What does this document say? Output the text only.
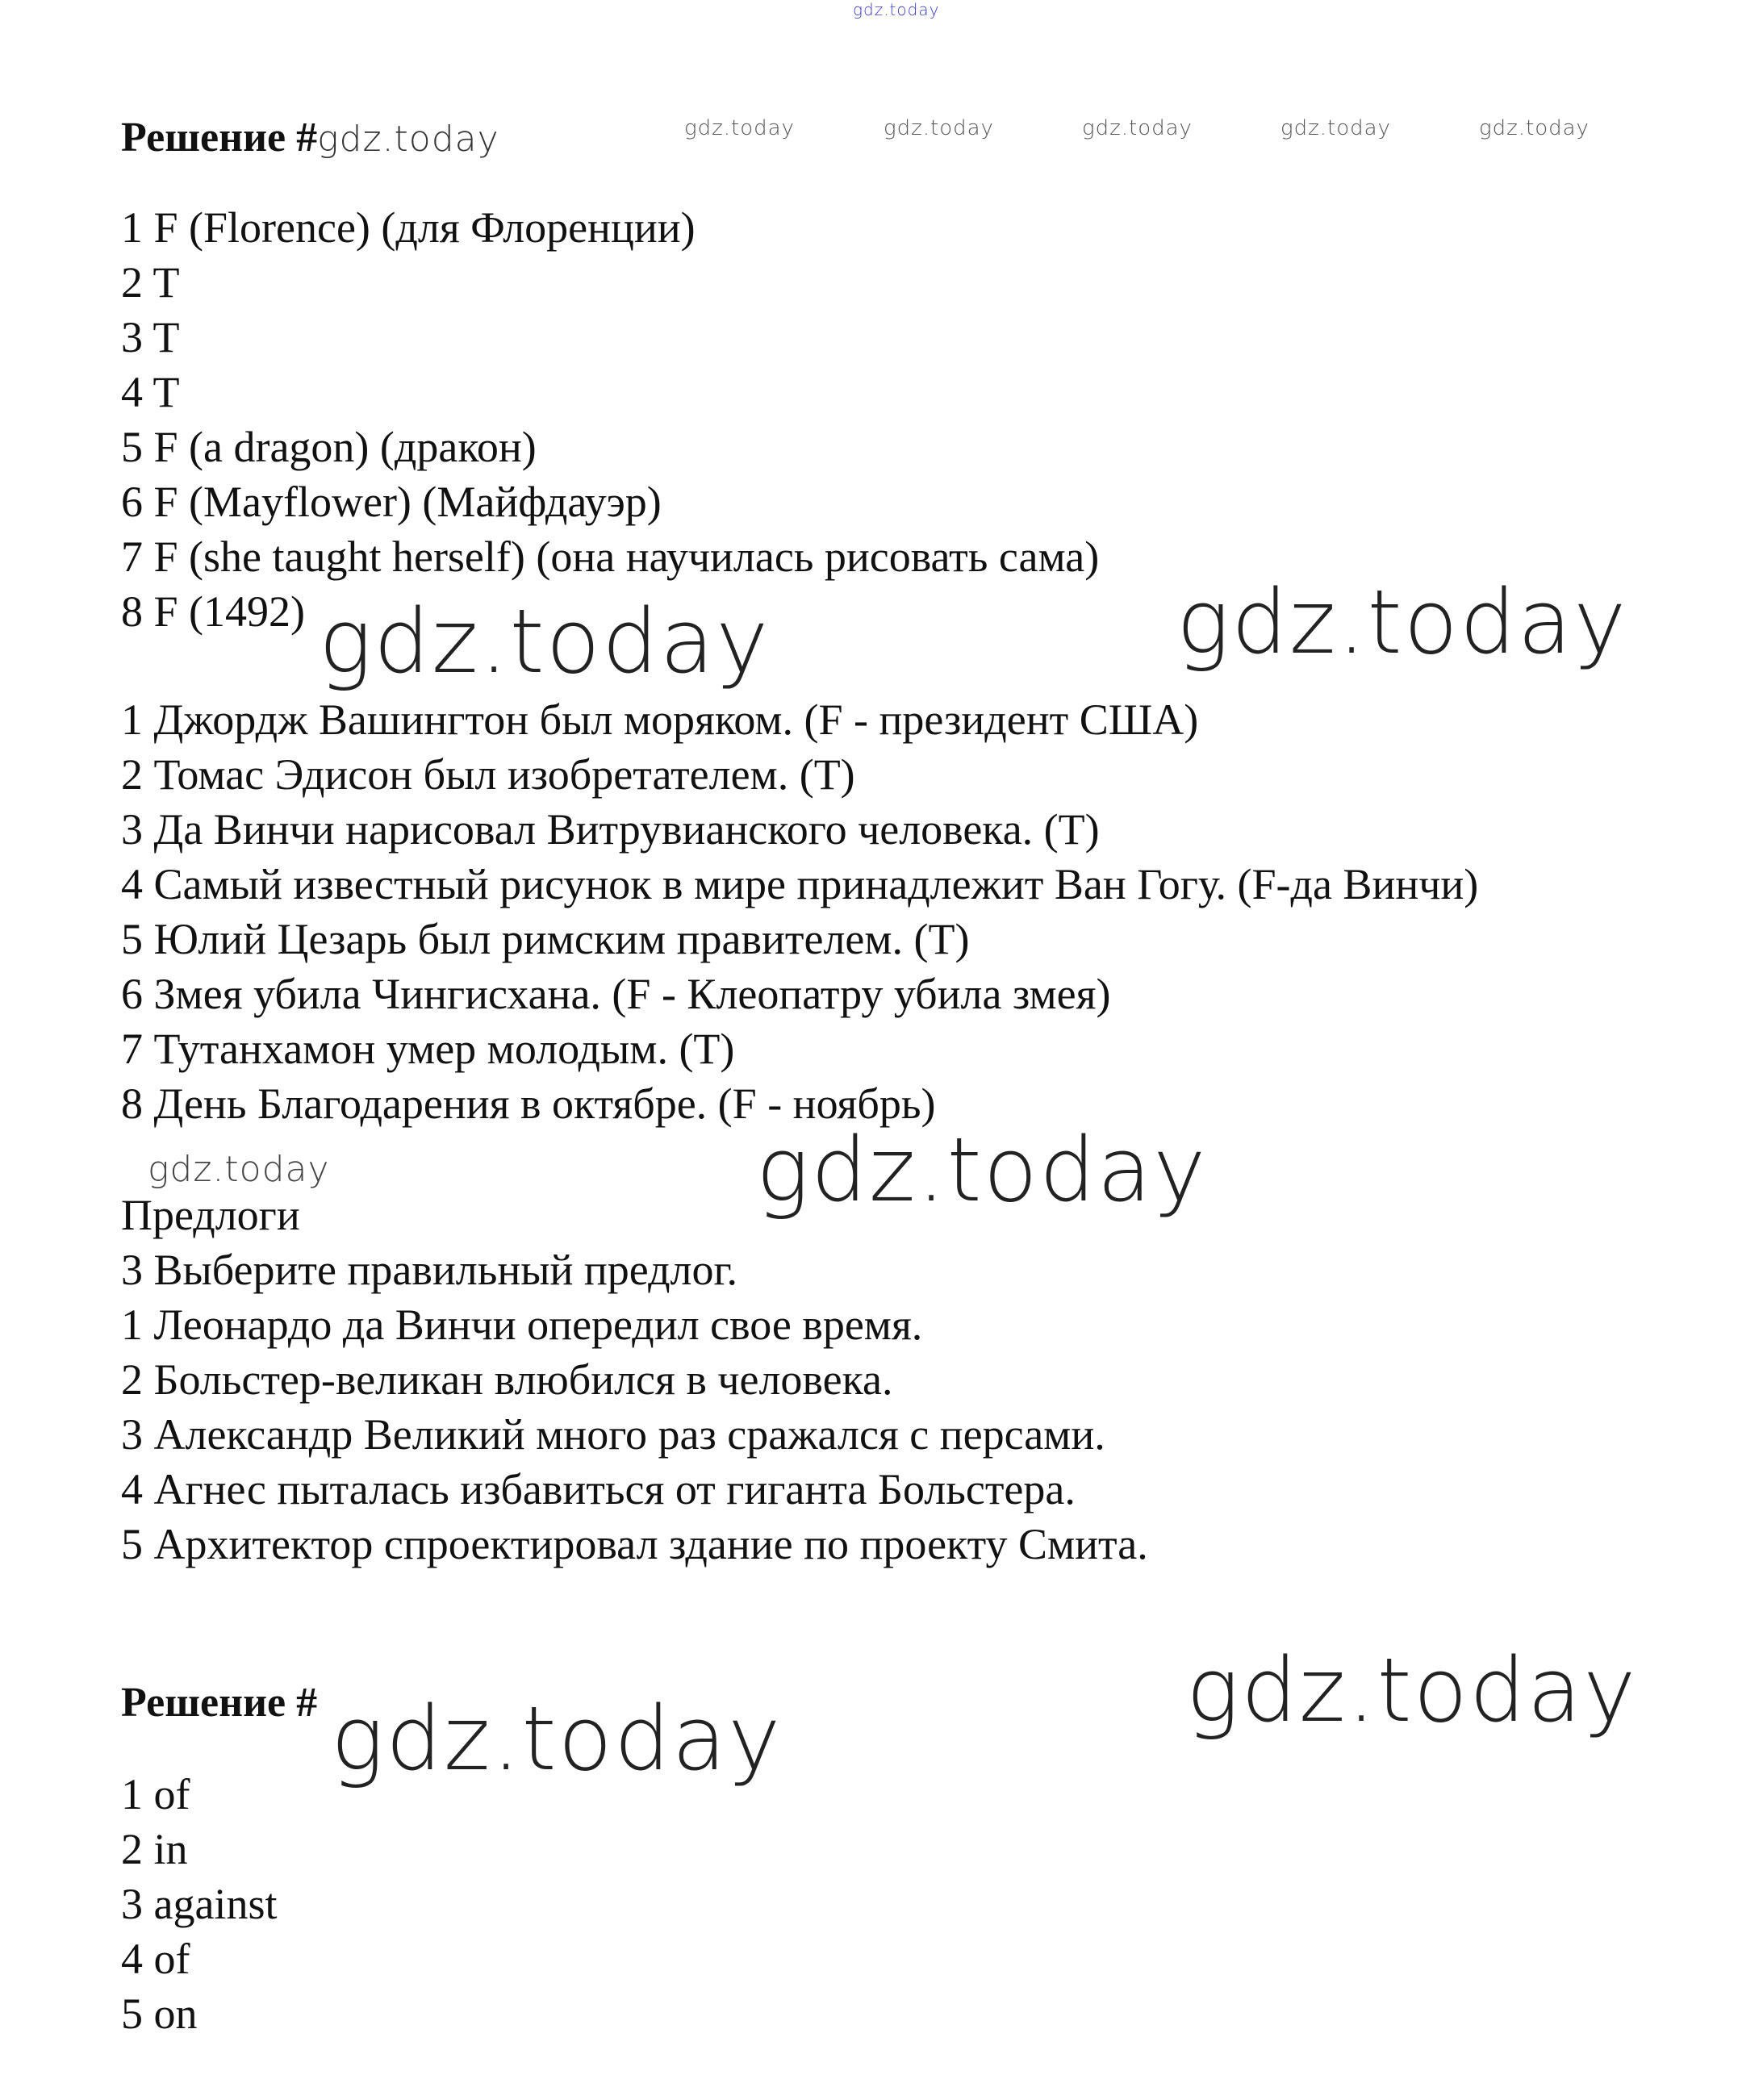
gdz.today
gdz.today	gdz.today	gdz.today	gdz.today	gdz.today
gdz.today	gdz.today
gdz.today	gdz.today
gdz.today
gdz.today
Решение #gdz.today
1 F (Florence) (для Флоренции)
2 T
3 T
4 T
5 F (a dragon) (дракон)
6 F (Mayflower) (Майфдауэр)
7 F (she taught herself) (она научилась рисовать сама)
8 F (1492)
1 Джордж Вашингтон был моряком. (F - президент США)
2 Томас Эдисон был изобретателем. (T)
3 Да Винчи нарисовал Витрувианского человека. (T)
4 Самый известный рисунок в мире принадлежит Ван Гогу. (F-да Винчи)
5 Юлий Цезарь был римским правителем. (T)
6 Змея убила Чингисхана. (F - Клеопатру убила змея)
7 Тутанхамон умер молодым. (T)
8 День Благодарения в октябре. (F - ноябрь)
Предлоги
3 Выберите правильный предлог.
1 Леонардо да Винчи опередил свое время.
2 Больстер-великан влюбился в человека.
3 Александр Великий много раз сражался с персами.
4 Агнес пыталась избавиться от гиганта Больстера.
5 Архитектор спроектировал здание по проекту Смита.
Решение #
1 of
2 in
3 against
4 of
5 on
